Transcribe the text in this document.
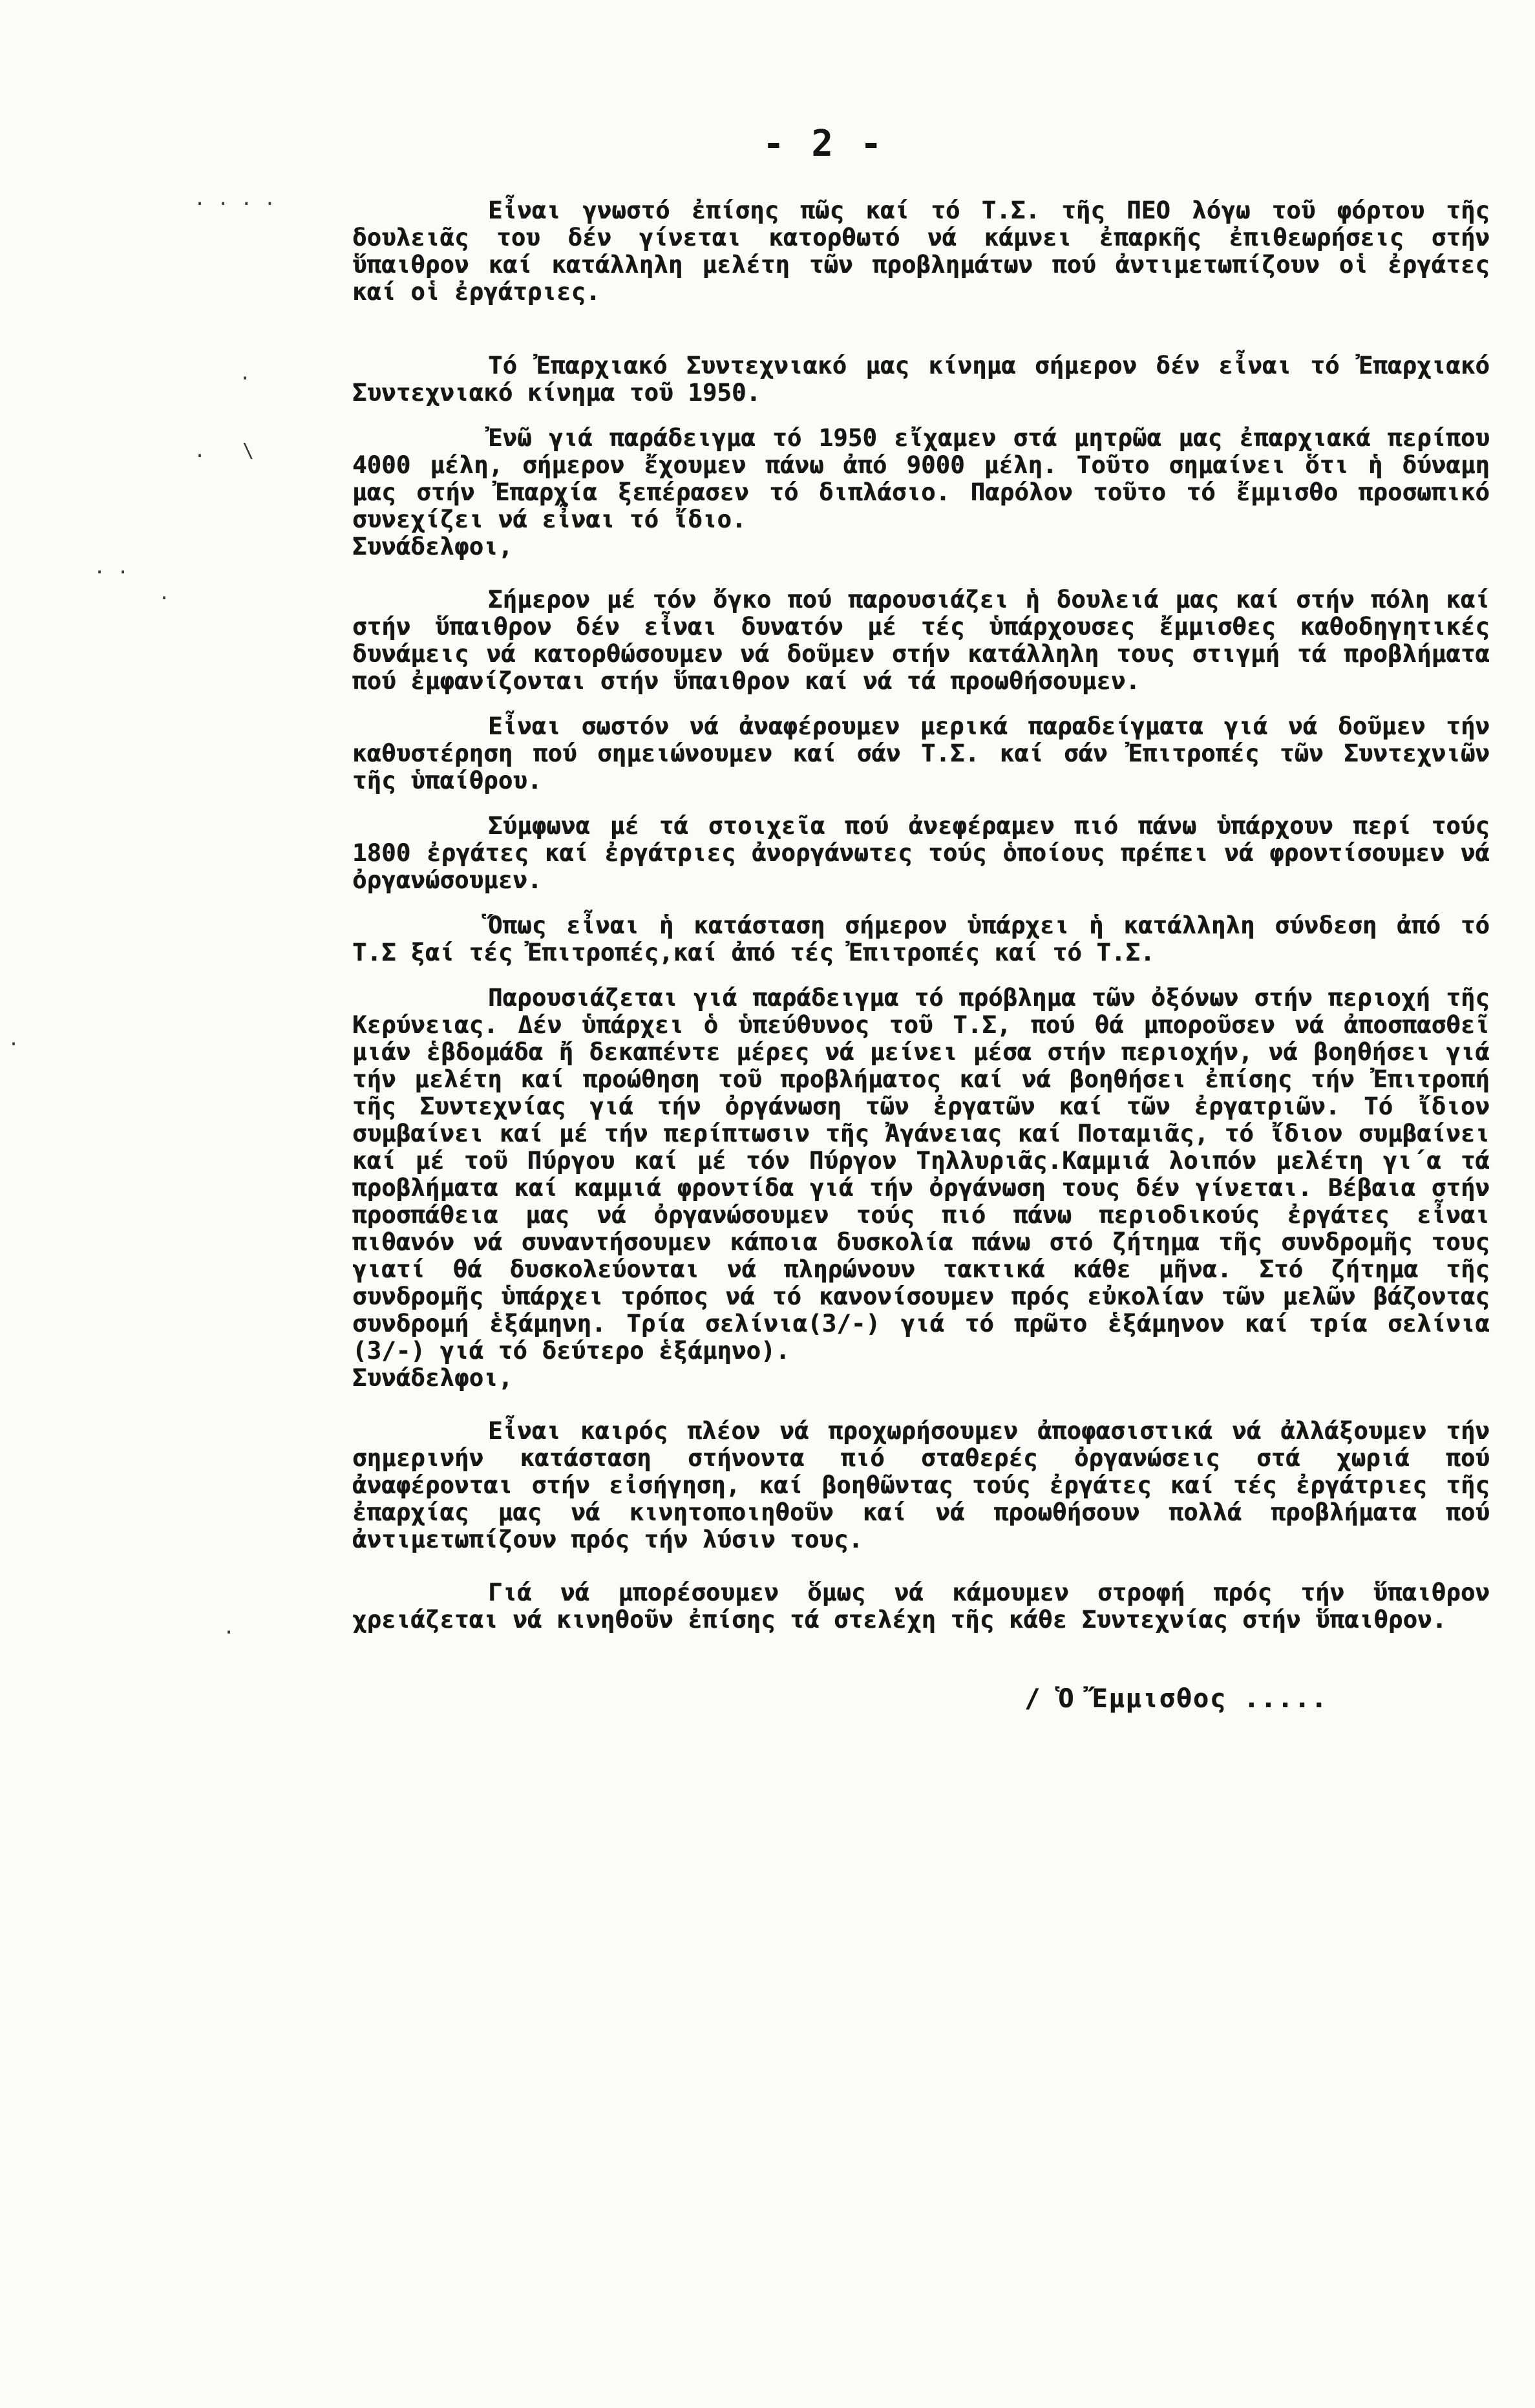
. . . .
.
. \
. .
.
.
.
- 2 -

Εἶναι γνωστό ἐπίσης πῶς καί τό Τ.Σ. τῆς ΠΕΟ λόγω τοῦ φόρτου τῆς δουλειᾶς του δέν γίνεται κατορθωτό νά κάμνει ἐπαρκῆς ἐπιθεωρήσεις στήν ὕπαιθρον καί κατάλληλη μελέτη τῶν προβλημάτων πού ἀντιμετωπίζουν οἱ ἐργάτες καί οἱ ἐργάτριες.

Τό Ἐπαρχιακό Συντεχνιακό μας κίνημα σήμερον δέν εἶναι τό Ἐπαρχιακό Συντεχνιακό κίνημα τοῦ 1950.

Ἐνῶ γιά παράδειγμα τό 1950 εἴχαμεν στά μητρῶα μας ἐπαρχιακά περίπου 4000 μέλη, σήμερον ἔχουμεν πάνω ἀπό 9000 μέλη. Τοῦτο σημαίνει ὅτι ἡ δύναμη μας στήν Ἐπαρχία ξεπέρασεν τό διπλάσιο. Παρόλον τοῦτο τό ἔμμισθο προσωπικό συνεχίζει νά εἶναι τό ἴδιο.

Συνάδελφοι,

Σήμερον μέ τόν ὄγκο πού παρουσιάζει ἡ δουλειά μας καί στήν πόλη καί στήν ὕπαιθρον δέν εἶναι δυνατόν μέ τές ὑπάρχουσες ἔμμισθες καθοδηγητικές δυνάμεις νά κατορθώσουμεν νά δοῦμεν στήν κατάλληλη τους στιγμή τά προβλήματα πού ἐμφανίζονται στήν ὕπαιθρον καί νά τά προωθήσουμεν.

Εἶναι σωστόν νά ἀναφέρουμεν μερικά παραδείγματα γιά νά δοῦμεν τήν καθυστέρηση πού σημειώνουμεν καί σάν Τ.Σ. καί σάν Ἐπιτροπές τῶν Συντεχνιῶν τῆς ὑπαίθρου.

Σύμφωνα μέ τά στοιχεῖα πού ἀνεφέραμεν πιό πάνω ὑπάρχουν περί τούς 1800 ἐργάτες καί ἐργάτριες ἀνοργάνωτες τούς ὁποίους πρέπει νά φροντίσουμεν νά ὀργανώσουμεν.

Ὅπως εἶναι ἡ κατάσταση σήμερον ὑπάρχει ἡ κατάλληλη σύνδεση ἀπό τό Τ.Σ ξαί τές Ἐπιτροπές,καί ἀπό τές Ἐπιτροπές καί τό Τ.Σ.

Παρουσιάζεται γιά παράδειγμα τό πρόβλημα τῶν ὀξόνων στήν περιοχή τῆς Κερύνειας. Δέν ὑπάρχει ὁ ὑπεύθυνος τοῦ Τ.Σ, πού θά μποροῦσεν νά ἀποσπασθεῖ μιάν ἑβδομάδα ἤ δεκαπέντε μέρες νά μείνει μέσα στήν περιοχήν, νά βοηθήσει γιά τήν μελέτη καί προώθηση τοῦ προβλήματος καί νά βοηθήσει ἐπίσης τήν Ἐπιτροπή τῆς Συντεχνίας γιά τήν ὀργάνωση τῶν ἐργατῶν καί τῶν ἐργατριῶν. Τό ἴδιον συμβαίνει καί μέ τήν περίπτωσιν τῆς Ἀγάνειας καί Ποταμιᾶς, τό ἴδιον συμβαίνει καί μέ τοῦ Πύργου καί μέ τόν Πύργον Τηλλυριᾶς.Καμμιά λοιπόν μελέτη γι΄α τά προβλήματα καί καμμιά φροντίδα γιά τήν ὀργάνωση τους δέν γίνεται. Βέβαια στήν προσπάθεια μας νά ὀργανώσουμεν τούς πιό πάνω περιοδικούς ἐργάτες εἶναι πιθανόν νά συναντήσουμεν κάποια δυσκολία πάνω στό ζήτημα τῆς συνδρομῆς τους γιατί θά δυσκολεύονται νά πληρώνουν τακτικά κάθε μῆνα. Στό ζήτημα τῆς συνδρομῆς ὑπάρχει τρόπος νά τό κανονίσουμεν πρός εὐκολίαν τῶν μελῶν βάζοντας συνδρομή ἑξάμηνη. Τρία σελίνια(3/-) γιά τό πρῶτο ἑξάμηνον καί τρία σελίνια (3/-) γιά τό δεύτερο ἑξάμηνο).

Συνάδελφοι,

Εἶναι καιρός πλέον νά προχωρήσουμεν ἀποφασιστικά νά ἀλλάξουμεν τήν σημερινήν κατάσταση στήνοντα πιό σταθερές ὀργανώσεις στά χωριά πού ἀναφέρονται στήν εἰσήγηση, καί βοηθῶντας τούς ἐργάτες καί τές ἐργάτριες τῆς ἐπαρχίας μας νά κινητοποιηθοῦν καί νά προωθήσουν πολλά προβλήματα πού ἀντιμετωπίζουν πρός τήν λύσιν τους.

Γιά νά μπορέσουμεν ὅμως νά κάμουμεν στροφή πρός τήν ὕπαιθρον χρειάζεται νά κινηθοῦν ἐπίσης τά στελέχη τῆς κάθε Συντεχνίας στήν ὕπαιθρον.

/ Ὁ Ἔμμισθος .....
